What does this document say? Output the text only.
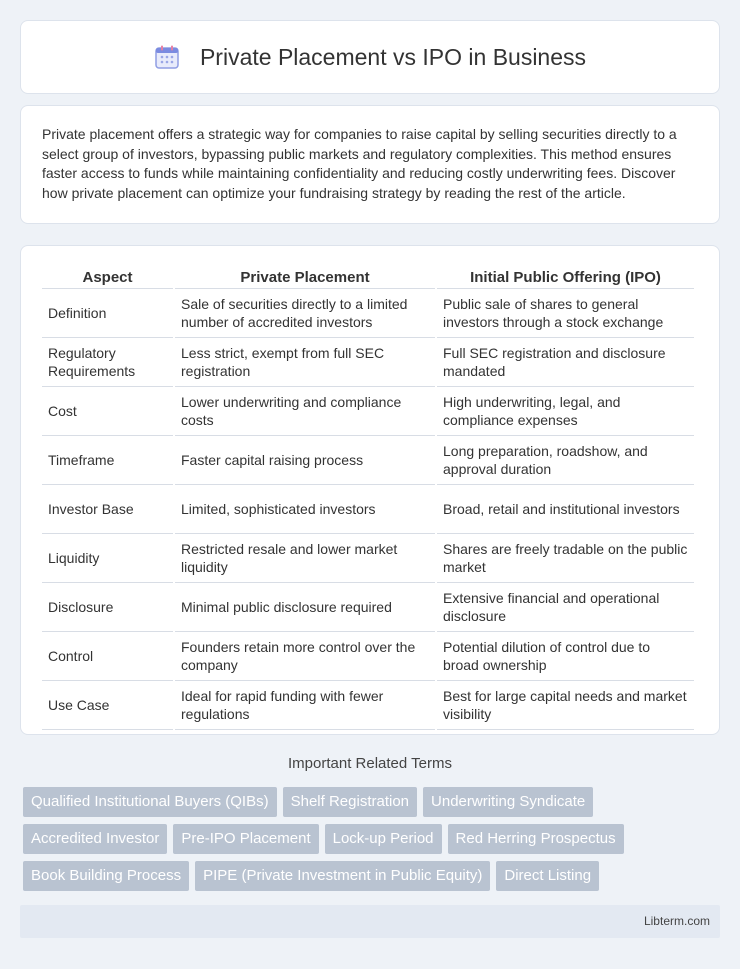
Private Placement vs IPO in Business

Private placement offers a strategic way for companies to raise capital by selling securities directly to a select group of investors, bypassing public markets and regulatory complexities. This method ensures faster access to funds while maintaining confidentiality and reducing costly underwriting fees. Discover how private placement can optimize your fundraising strategy by reading the rest of the article.

Aspect	Private Placement	Initial Public Offering (IPO)
Definition	Sale of securities directly to a limited number of accredited investors	Public sale of shares to general investors through a stock exchange
Regulatory Requirements	Less strict, exempt from full SEC registration	Full SEC registration and disclosure mandated
Cost	Lower underwriting and compliance costs	High underwriting, legal, and compliance expenses
Timeframe	Faster capital raising process	Long preparation, roadshow, and approval duration
Investor Base	Limited, sophisticated investors	Broad, retail and institutional investors
Liquidity	Restricted resale and lower market liquidity	Shares are freely tradable on the public market
Disclosure	Minimal public disclosure required	Extensive financial and operational disclosure
Control	Founders retain more control over the company	Potential dilution of control due to broad ownership
Use Case	Ideal for rapid funding with fewer regulations	Best for large capital needs and market visibility
Important Related Terms
Qualified Institutional Buyers (QIBs)	Shelf Registration	Underwriting Syndicate
Accredited Investor	Pre-IPO Placement	Lock-up Period	Red Herring Prospectus
Book Building Process	PIPE (Private Investment in Public Equity)	Direct Listing
Libterm.com
